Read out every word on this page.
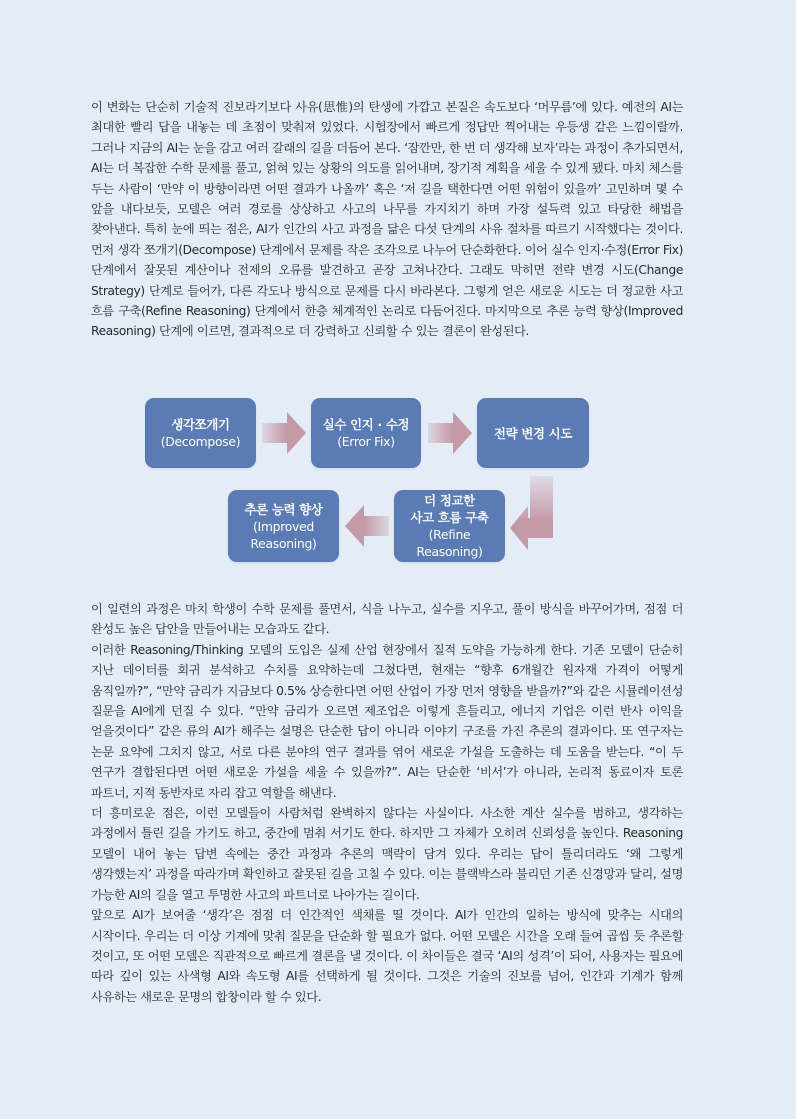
이 변화는 단순히 기술적 진보라기보다 사유(思惟)의 탄생에 가깝고 본질은 속도보다 ‘머무름’에 있다. 예전의 AI는 최대한 빨리 답을 내놓는 데 초점이 맞춰져 있었다. 시험장에서 빠르게 정답만 찍어내는 우등생 같은 느낌이랄까. 그러나 지금의 AI는 눈을 감고 여러 갈래의 길을 더듬어 본다. ‘잠깐만, 한 번 더 생각해 보자’라는 과정이 추가되면서, AI는 더 복잡한 수학 문제를 풀고, 얽혀 있는 상황의 의도를 읽어내며, 장기적 계획을 세울 수 있게 됐다. 마치 체스를 두는 사람이 ‘만약 이 방향이라면 어떤 결과가 나올까’ 혹은 ‘저 길을 택한다면 어떤 위험이 있을까’ 고민하며 몇 수 앞을 내다보듯, 모델은 여러 경로를 상상하고 사고의 나무를 가지치기 하며 가장 설득력 있고 타당한 해법을 찾아낸다. 특히 눈에 띄는 점은, AI가 인간의 사고 과정을 닮은 다섯 단계의 사유 절차를 따르기 시작했다는 것이다. 먼저 생각 쪼개기(Decompose) 단계에서 문제를 작은 조각으로 나누어 단순화한다. 이어 실수 인지·수정(Error Fix) 단계에서 잘못된 계산이나 전제의 오류를 발견하고 곧장 고쳐나간다. 그래도 막히면 전략 변경 시도(Change Strategy) 단계로 들어가, 다른 각도나 방식으로 문제를 다시 바라본다. 그렇게 얻은 새로운 시도는 더 정교한 사고 흐름 구축(Refine Reasoning) 단계에서 한층 체계적인 논리로 다듬어진다. 마지막으로 추론 능력 향상(Improved Reasoning) 단계에 이르면, 결과적으로 더 강력하고 신뢰할 수 있는 결론이 완성된다.

생각쪼개기
(Decompose)
실수 인지 · 수정
(Error Fix)
전략 변경 시도
더 정교한
사고 흐름 구축
(Refine Reasoning)
추론 능력 향상
(Improved
Reasoning)

이 일련의 과정은 마치 학생이 수학 문제를 풀면서, 식을 나누고, 실수를 지우고, 풀이 방식을 바꾸어가며, 점점 더 완성도 높은 답안을 만들어내는 모습과도 같다.

이러한 Reasoning/Thinking 모델의 도입은 실제 산업 현장에서 질적 도약을 가능하게 한다. 기존 모델이 단순히 지난 데이터를 회귀 분석하고 수치를 요약하는데 그쳤다면, 현재는 “향후 6개월간 원자재 가격이 어떻게 움직일까?”, “만약 금리가 지금보다 0.5% 상승한다면 어떤 산업이 가장 먼저 영향을 받을까?”와 같은 시뮬레이션성 질문을 AI에게 던질 수 있다. “만약 금리가 오르면 제조업은 이렇게 흔들리고, 에너지 기업은 이런 반사 이익을 얻을것이다” 같은 류의 AI가 해주는 설명은 단순한 답이 아니라 이야기 구조를 가진 추론의 결과이다. 또 연구자는 논문 요약에 그치지 않고, 서로 다른 분야의 연구 결과를 엮어 새로운 가설을 도출하는 데 도움을 받는다. “이 두 연구가 결합된다면 어떤 새로운 가설을 세울 수 있을까?”. AI는 단순한 ‘비서’가 아니라, 논리적 동료이자 토론 파트너, 지적 동반자로 자리 잡고 역할을 해낸다.

더 흥미로운 점은, 이런 모델들이 사람처럼 완벽하지 않다는 사실이다. 사소한 계산 실수를 범하고, 생각하는 과정에서 틀린 길을 가기도 하고, 중간에 멈춰 서기도 한다. 하지만 그 자체가 오히려 신뢰성을 높인다. Reasoning 모델이 내어 놓는 답변 속에는 중간 과정과 추론의 맥락이 담겨 있다. 우리는 답이 틀리더라도 ‘왜 그렇게 생각했는지’ 과정을 따라가며 확인하고 잘못된 길을 고칠 수 있다. 이는 블랙박스라 불리던 기존 신경망과 달리, 설명 가능한 AI의 길을 열고 투명한 사고의 파트너로 나아가는 길이다.

앞으로 AI가 보여줄 ‘생각’은 점점 더 인간적인 색채를 띨 것이다. AI가 인간의 일하는 방식에 맞추는 시대의 시작이다. 우리는 더 이상 기계에 맞춰 질문을 단순화 할 필요가 없다. 어떤 모델은 시간을 오래 들여 곱씹 듯 추론할 것이고, 또 어떤 모델은 직관적으로 빠르게 결론을 낼 것이다. 이 차이들은 결국 ‘AI의 성격’이 되어, 사용자는 필요에 따라 깊이 있는 사색형 AI와 속도형 AI를 선택하게 될 것이다. 그것은 기술의 진보를 넘어, 인간과 기계가 함께 사유하는 새로운 문명의 합창이라 할 수 있다.
